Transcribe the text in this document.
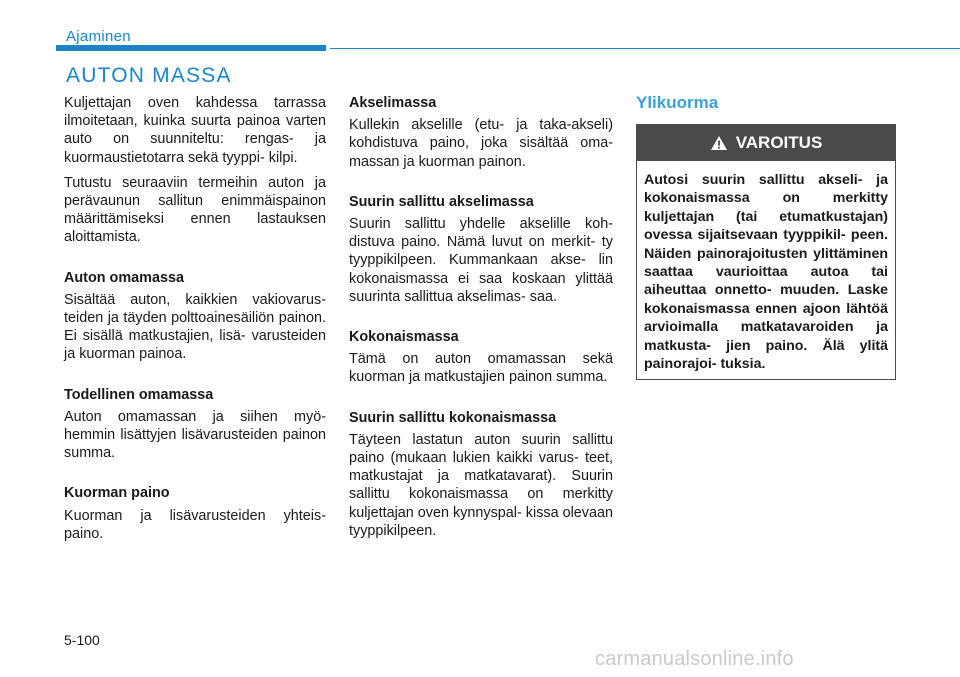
Ajaminen
AUTON MASSA

Kuljettajan oven kahdessa tarrassa ilmoitetaan, kuinka suurta painoa varten auto on suunniteltu: rengas- ja kuormaustietotarra sekä tyyppi- kilpi.

Tutustu seuraaviin termeihin auton ja perävaunun sallitun enimmäispainon määrittämiseksi ennen lastauksen aloittamista.

Auton omamassa

Sisältää auton, kaikkien vakiovarus- teiden ja täyden polttoainesäiliön painon. Ei sisällä matkustajien, lisä- varusteiden ja kuorman painoa.

Todellinen omamassa

Auton omamassan ja siihen myö- hemmin lisättyjen lisävarusteiden painon summa.

Kuorman paino

Kuorman ja lisävarusteiden yhteis- paino.

Akselimassa

Kullekin akselille (etu- ja taka-akseli) kohdistuva paino, joka sisältää oma- massan ja kuorman painon.

Suurin sallittu akselimassa

Suurin sallittu yhdelle akselille koh- distuva paino. Nämä luvut on merkit- ty tyyppikilpeen. Kummankaan akse- lin kokonaismassa ei saa koskaan ylittää suurinta sallittua akselimas- saa.

Kokonaismassa

Tämä on auton omamassan sekä kuorman ja matkustajien painon summa.

Suurin sallittu kokonaismassa

Täyteen lastatun auton suurin sallittu paino (mukaan lukien kaikki varus- teet, matkustajat ja matkatavarat). Suurin sallittu kokonaismassa on merkitty kuljettajan oven kynnyspal- kissa olevaan tyyppikilpeen.

Ylikuorma
VAROITUS

Autosi suurin sallittu akseli- ja kokonaismassa on merkitty kuljettajan (tai etumatkustajan) ovessa sijaitsevaan tyyppikil- peen. Näiden painorajoitusten ylittäminen saattaa vaurioittaa autoa tai aiheuttaa onnetto- muuden. Laske kokonaismassa ennen ajoon lähtöä arvioimalla matkatavaroiden ja matkusta- jien paino. Älä ylitä painorajoi- tuksia.

5-100
carmanualsonline.info
